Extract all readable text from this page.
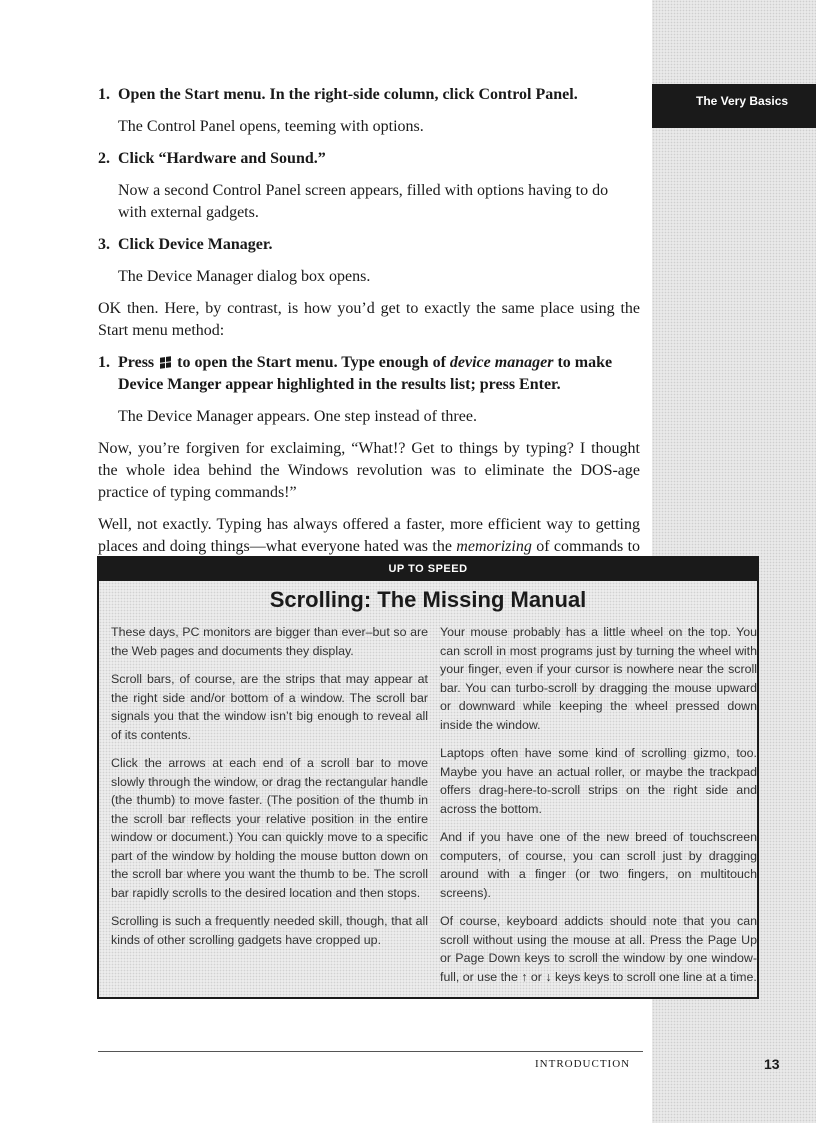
The Very Basics
1. Open the Start menu. In the right-side column, click Control Panel.
The Control Panel opens, teeming with options.
2. Click “Hardware and Sound.”
Now a second Control Panel screen appears, filled with options having to do with external gadgets.
3. Click Device Manager.
The Device Manager dialog box opens.
OK then. Here, by contrast, is how you’d get to exactly the same place using the Start menu method:
1. Press to open the Start menu. Type enough of device manager to make Device Manger appear highlighted in the results list; press Enter.
The Device Manager appears. One step instead of three.
Now, you’re forgiven for exclaiming, “What!? Get to things by typing? I thought the whole idea behind the Windows revolution was to eliminate the DOS-age practice of typing commands!”
Well, not exactly. Typing has always offered a faster, more efficient way to getting places and doing things—what everyone hated was the memorizing of commands to
UP TO SPEED
Scrolling: The Missing Manual

These days, PC monitors are bigger than ever–but so are the Web pages and documents they display.

Scroll bars, of course, are the strips that may appear at the right side and/or bottom of a window. The scroll bar signals you that the window isn’t big enough to reveal all of its contents.

Click the arrows at each end of a scroll bar to move slowly through the window, or drag the rectangular handle (the thumb) to move faster. (The position of the thumb in the scroll bar reflects your relative position in the entire window or document.) You can quickly move to a specific part of the window by holding the mouse button down on the scroll bar where you want the thumb to be. The scroll bar rapidly scrolls to the desired location and then stops.

Scrolling is such a frequently needed skill, though, that all kinds of other scrolling gadgets have cropped up.

Your mouse probably has a little wheel on the top. You can scroll in most programs just by turning the wheel with your finger, even if your cursor is nowhere near the scroll bar. You can turbo-scroll by dragging the mouse upward or downward while keeping the wheel pressed down inside the window.

Laptops often have some kind of scrolling gizmo, too. Maybe you have an actual roller, or maybe the trackpad offers drag-here-to-scroll strips on the right side and across the bottom.

And if you have one of the new breed of touchscreen computers, of course, you can scroll just by dragging around with a finger (or two fingers, on multitouch screens).

Of course, keyboard addicts should note that you can scroll without using the mouse at all. Press the Page Up or Page Down keys to scroll the window by one window-full, or use the ↑ or ↓ keys keys to scroll one line at a time.

INTRODUCTION	13
